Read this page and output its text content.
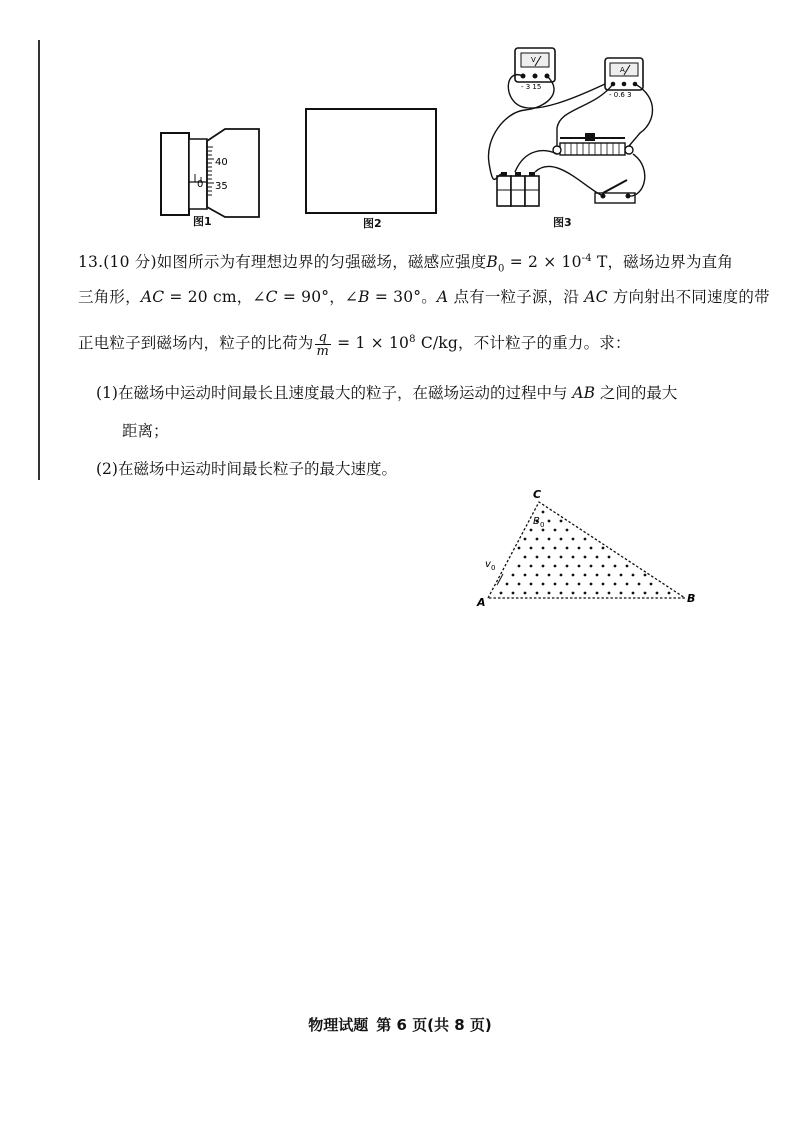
40
0 35
图1	图2
V
- 3 15
A
- 0.6 3
图3
13.(10 分)如图所示为有理想边界的匀强磁场，磁感应强度$B_0 = 2 \times 10^{-4}$ T，磁场边界为直角
三角形，AC = 20 cm，∠C = 90°，∠B = 30°。A 点有一粒子源，沿 AC 方向射出不同速度的带
正电粒子到磁场内，粒子的比荷为 $\frac{q}{m} = 1 \times 10^8$ C/kg，不计粒子的重力。求：
(1)在磁场中运动时间最长且速度最大的粒子，在磁场运动的过程中与 AB 之间的最大
距离；
(2)在磁场中运动时间最长粒子的最大速度。
C
A	B
B 0
v 0
物理试题 第 6 页(共 8 页)
